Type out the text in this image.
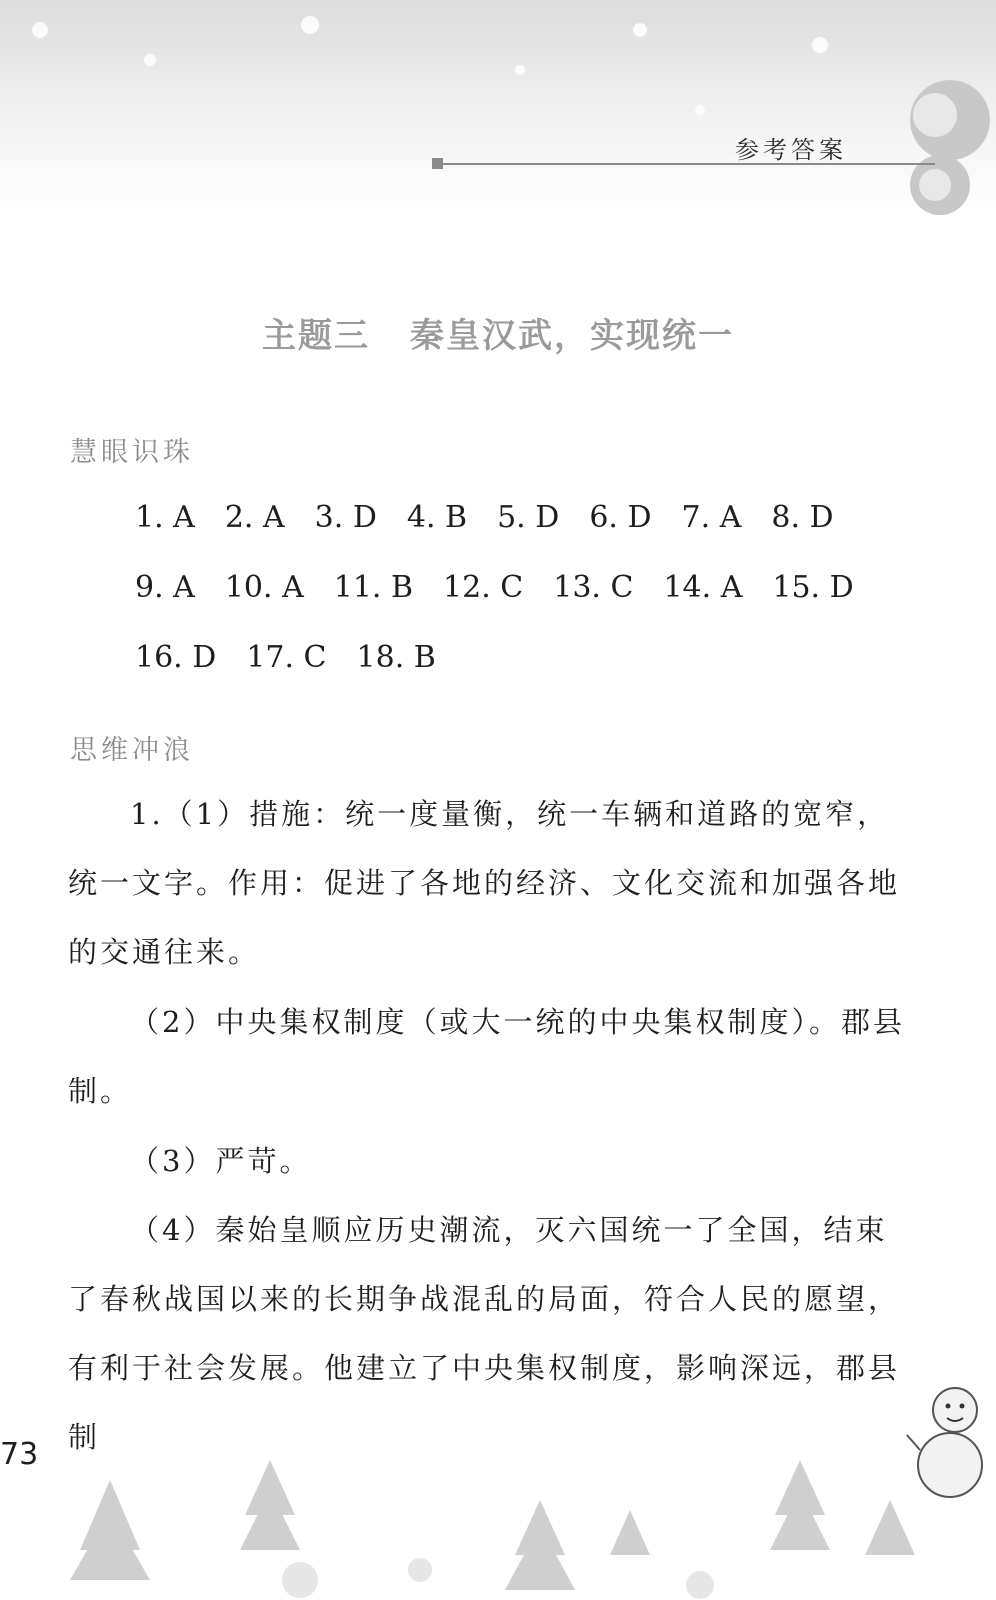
参考答案
主题三 秦皇汉武，实现统一
慧眼识珠
1. A 2. A 3. D 4. B 5. D 6. D 7. A 8. D
9. A 10. A 11. B 12. C 13. C 14. A 15. D
16. D 17. C 18. B
思维冲浪

1.（1）措施：统一度量衡，统一车辆和道路的宽窄，统一文字。作用：促进了各地的经济、文化交流和加强各地的交通往来。

（2）中央集权制度（或大一统的中央集权制度）。郡县制。

（3）严苛。

（4）秦始皇顺应历史潮流，灭六国统一了全国，结束了春秋战国以来的长期争战混乱的局面，符合人民的愿望，有利于社会发展。他建立了中央集权制度，影响深远，郡县制

73
